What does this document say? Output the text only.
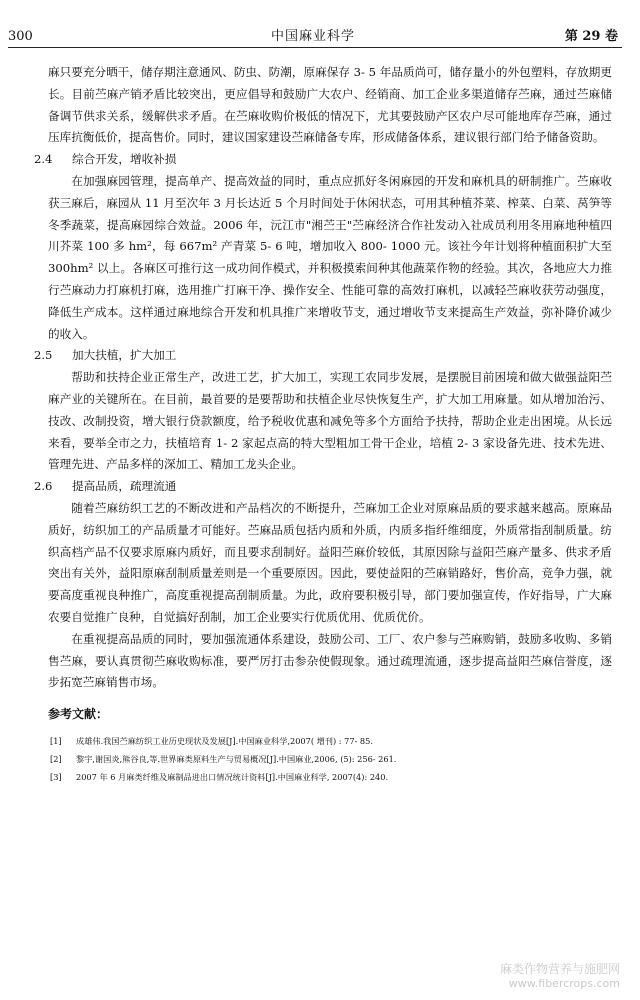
300	中国麻业科学	第 29 卷

麻只要充分晒干，储存期注意通风、防虫、防潮，原麻保存 3- 5 年品质尚可，储存量小的外包塑料，存放期更长。目前苎麻产销矛盾比较突出，更应倡导和鼓励广大农户、经销商、加工企业多渠道储存苎麻，通过苎麻储备调节供求关系，缓解供求矛盾。在苎麻收购价极低的情况下，尤其要鼓励产区农户尽可能地库存苎麻，通过压库抗衡低价，提高售价。同时，建议国家建设苎麻储备专库，形成储备体系，建议银行部门给予储备资助。

2.4 综合开发，增收补损

在加强麻园管理，提高单产、提高效益的同时，重点应抓好冬闲麻园的开发和麻机具的研制推广。苎麻收获三麻后，麻园从 11 月至次年 3 月长达近 5 个月时间处于休闲状态，可用其种植芥菜、榨菜、白菜、莴笋等冬季蔬菜，提高麻园综合效益。2006 年，沅江市"湘苎王"苎麻经济合作社发动入社成员利用冬用麻地种植四川芥菜 100 多 hm²，每 667m² 产青菜 5- 6 吨，增加收入 800- 1000 元。该社今年计划将种植面积扩大至 300hm² 以上。各麻区可推行这一成功间作模式，并积极摸索间种其他蔬菜作物的经验。其次，各地应大力推行苎麻动力打麻机打麻，选用推广打麻干净、操作安全、性能可靠的高效打麻机，以减轻苎麻收获劳动强度，降低生产成本。这样通过麻地综合开发和机具推广来增收节支，通过增收节支来提高生产效益，弥补降价减少的收入。

2.5 加大扶植，扩大加工

帮助和扶持企业正常生产，改进工艺，扩大加工，实现工农同步发展，是摆脱目前困境和做大做强益阳苎麻产业的关键所在。在目前，最首要的是要帮助和扶植企业尽快恢复生产，扩大加工用麻量。如从增加治污、技改、改制投资，增大银行贷款额度，给予税收优惠和减免等多个方面给予扶持，帮助企业走出困境。从长远来看，要举全市之力，扶植培育 1- 2 家起点高的特大型粗加工骨干企业，培植 2- 3 家设备先进、技术先进、管理先进、产品多样的深加工、精加工龙头企业。

2.6 提高品质，疏理流通

随着苎麻纺织工艺的不断改进和产品档次的不断提升，苎麻加工企业对原麻品质的要求越来越高。原麻品质好，纺织加工的产品质量才可能好。苎麻品质包括内质和外质，内质多指纤维细度，外质常指刮制质量。纺织高档产品不仅要求原麻内质好，而且要求刮制好。益阳苎麻价较低，其原因除与益阳苎麻产量多、供求矛盾突出有关外，益阳原麻刮制质量差则是一个重要原因。因此，要使益阳的苎麻销路好，售价高，竞争力强，就要高度重视良种推广，高度重视提高刮制质量。为此，政府要积极引导，部门要加强宣传，作好指导，广大麻农要自觉推广良种，自觉搞好刮制，加工企业要实行优质优用、优质优价。

在重视提高品质的同时，要加强流通体系建设，鼓励公司、工厂、农户参与苎麻购销，鼓励多收购、多销售苎麻，要认真贯彻苎麻收购标准，要严厉打击参杂使假现象。通过疏理流通，逐步提高益阳苎麻信誉度，逐步拓宽苎麻销售市场。

参考文献：
[1]	成雄伟.我国苎麻纺织工业历史现状及发展[J].中国麻业科学,2007( 增刊) : 77- 85.
[2]	黎宇,谢国炎,熊谷良,等.世界麻类原料生产与贸易概况[J].中国麻业,2006, (5): 256- 261.
[3]	2007 年 6 月麻类纤维及麻制品进出口情况统计资料[J].中国麻业科学, 2007(4): 240.
麻类作物营养与施肥网
www.fibercrops.com
